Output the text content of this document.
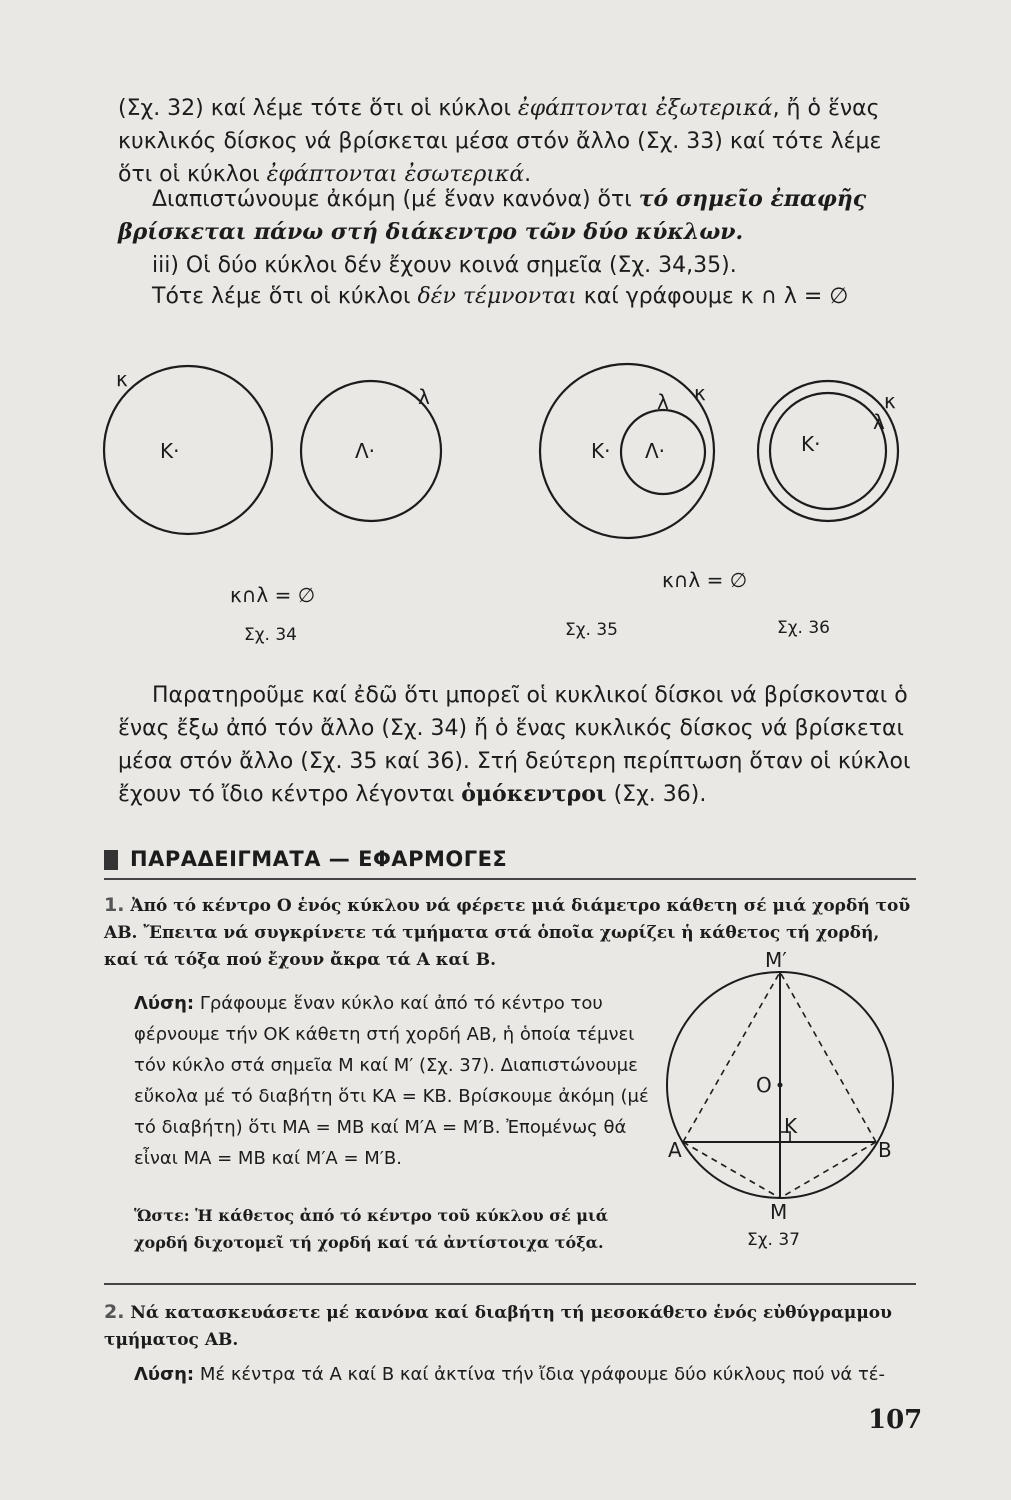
(Σχ. 32) καί λέμε τότε ὅτι οἱ κύκλοι ἐφάπτονται ἐξωτερικά, ἤ ὁ ἕνας κυκλικός δίσκος νά βρίσκεται μέσα στόν ἄλλο (Σχ. 33) καί τότε λέμε ὅτι οἱ κύκλοι ἐφάπτονται ἐσωτερικά.

Διαπιστώνουμε ἀκόμη (μέ ἕναν κανόνα) ὅτι τό σημεῖο ἐπαφῆς βρίσκεται πάνω στή διάκεντρο τῶν δύο κύκλων.

iii) Οἱ δύο κύκλοι δέν ἔχουν κοινά σημεῖα (Σχ. 34,35).

Τότε λέμε ὅτι οἱ κύκλοι δέν τέμνονται καί γράφουμε κ ∩ λ = ∅

κ
Κ·
λ
Λ·
κ
λ
Κ· Λ·
κ
λ
Κ·
κ∩λ = ∅
κ∩λ = ∅
Σχ. 34	Σχ. 35	Σχ. 36

Παρατηροῦμε καί ἐδῶ ὅτι μπορεῖ οἱ κυκλικοί δίσκοι νά βρίσκονται ὁ ἕνας ἔξω ἀπό τόν ἄλλο (Σχ. 34) ἤ ὁ ἕνας κυκλικός δίσκος νά βρίσκεται μέσα στόν ἄλλο (Σχ. 35 καί 36). Στή δεύτερη περίπτωση ὅταν οἱ κύκλοι ἔχουν τό ἴδιο κέντρο λέγονται ὁμόκεντροι (Σχ. 36).

ΠΑΡΑΔΕΙΓΜΑΤΑ — ΕΦΑΡΜΟΓΕΣ

1. Ἀπό τό κέντρο Ο ἑνός κύκλου νά φέρετε μιά διάμετρο κάθετη σέ μιά χορδή τοῦ ΑΒ. Ἔπειτα νά συγκρίνετε τά τμήματα στά ὁποῖα χωρίζει ἡ κάθετος τή χορδή, καί τά τόξα πού ἔχουν ἄκρα τά Α καί Β.

Λύση: Γράφουμε ἕναν κύκλο καί ἀπό τό κέντρο του φέρνουμε τήν ΟΚ κάθετη στή χορδή ΑΒ, ἡ ὁποία τέμνει τόν κύκλο στά σημεῖα Μ καί Μ′ (Σχ. 37). Διαπιστώνουμε εὔκολα μέ τό διαβήτη ὅτι ΚΑ = ΚΒ. Βρίσκουμε ἀκόμη (μέ τό διαβήτη) ὅτι ΜΑ = ΜΒ καί Μ′Α = Μ′Β. Ἐπομένως θά εἶναι ΜΑ = ΜΒ καί Μ′Α = Μ′Β.

Ὥστε: Ἡ κάθετος ἀπό τό κέντρο τοῦ κύκλου σέ μιά χορδή διχοτομεῖ τή χορδή καί τά ἀντίστοιχα τόξα.

Μ′
Ο
Κ
Α	Β
Μ
Σχ. 37

2. Νά κατασκευάσετε μέ κανόνα καί διαβήτη τή μεσοκάθετο ἑνός εὐθύγραμμου τμήματος ΑΒ.

Λύση: Μέ κέντρα τά Α καί Β καί ἀκτίνα τήν ἴδια γράφουμε δύο κύκλους πού νά τέ-

107
